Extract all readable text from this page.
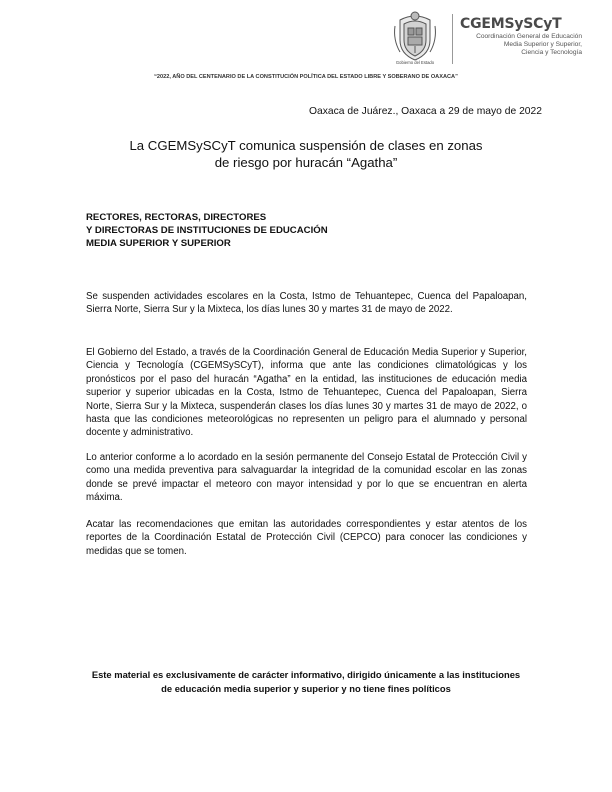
Gobierno del Estado
CGEMSySCyT
Coordinación General de Educación
Media Superior y Superior,
Ciencia y Tecnología
“2022, AÑO DEL CENTENARIO DE LA CONSTITUCIÓN POLÍTICA DEL ESTADO LIBRE Y SOBERANO DE OAXACA”
Oaxaca de Juárez., Oaxaca a 29 de mayo de 2022
La CGEMSySCyT comunica suspensión de clases en zonas
de riesgo por huracán “Agatha”
RECTORES, RECTORAS, DIRECTORES
Y DIRECTORAS DE INSTITUCIONES DE EDUCACIÓN
MEDIA SUPERIOR Y SUPERIOR

Se suspenden actividades escolares en la Costa, Istmo de Tehuantepec, Cuenca del Papaloapan, Sierra Norte, Sierra Sur y la Mixteca, los días lunes 30 y martes 31 de mayo de 2022.

El Gobierno del Estado, a través de la Coordinación General de Educación Media Superior y Superior, Ciencia y Tecnología (CGEMSySCyT), informa que ante las condiciones climatológicas y los pronósticos por el paso del huracán “Agatha” en la entidad, las instituciones de educación media superior y superior ubicadas en la Costa, Istmo de Tehuantepec, Cuenca del Papaloapan, Sierra Norte, Sierra Sur y la Mixteca, suspenderán clases los días lunes 30 y martes 31 de mayo de 2022, o hasta que las condiciones meteorológicas no representen un peligro para el alumnado y personal docente y administrativo.

Lo anterior conforme a lo acordado en la sesión permanente del Consejo Estatal de Protección Civil y como una medida preventiva para salvaguardar la integridad de la comunidad escolar en las zonas donde se prevé impactar el meteoro con mayor intensidad y por lo que se encuentran en alerta máxima.

Acatar las recomendaciones que emitan las autoridades correspondientes y estar atentos de los reportes de la Coordinación Estatal de Protección Civil (CEPCO) para conocer las condiciones y medidas que se tomen.

Este material es exclusivamente de carácter informativo, dirigido únicamente a las instituciones
de educación media superior y superior y no tiene fines políticos
